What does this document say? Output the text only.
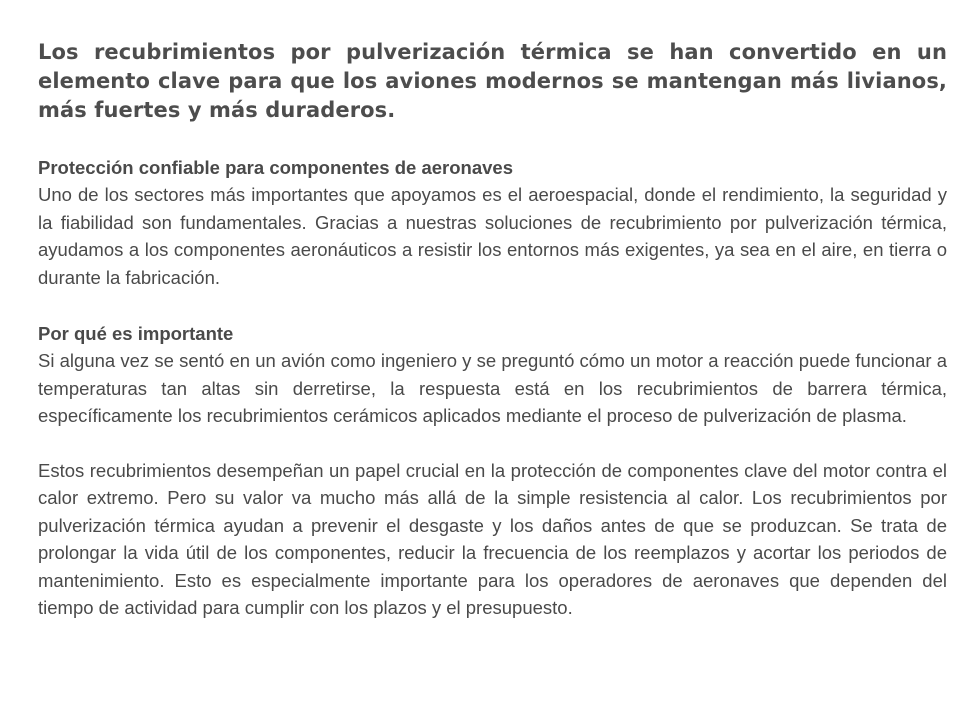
Los recubrimientos por pulverización térmica se han convertido en un elemento clave para que los aviones modernos se mantengan más livianos, más fuertes y más duraderos.

Protección confiable para componentes de aeronaves

Uno de los sectores más importantes que apoyamos es el aeroespacial, donde el rendimiento, la seguridad y la fiabilidad son fundamentales. Gracias a nuestras soluciones de recubrimiento por pulverización térmica, ayudamos a los componentes aeronáuticos a resistir los entornos más exigentes, ya sea en el aire, en tierra o durante la fabricación.

Por qué es importante

Si alguna vez se sentó en un avión como ingeniero y se preguntó cómo un motor a reacción puede funcionar a temperaturas tan altas sin derretirse, la respuesta está en los recubrimientos de barrera térmica, específicamente los recubrimientos cerámicos aplicados mediante el proceso de pulverización de plasma.

Estos recubrimientos desempeñan un papel crucial en la protección de componentes clave del motor contra el calor extremo. Pero su valor va mucho más allá de la simple resistencia al calor. Los recubrimientos por pulverización térmica ayudan a prevenir el desgaste y los daños antes de que se produzcan. Se trata de prolongar la vida útil de los componentes, reducir la frecuencia de los reemplazos y acortar los periodos de mantenimiento. Esto es especialmente importante para los operadores de aeronaves que dependen del tiempo de actividad para cumplir con los plazos y el presupuesto.
